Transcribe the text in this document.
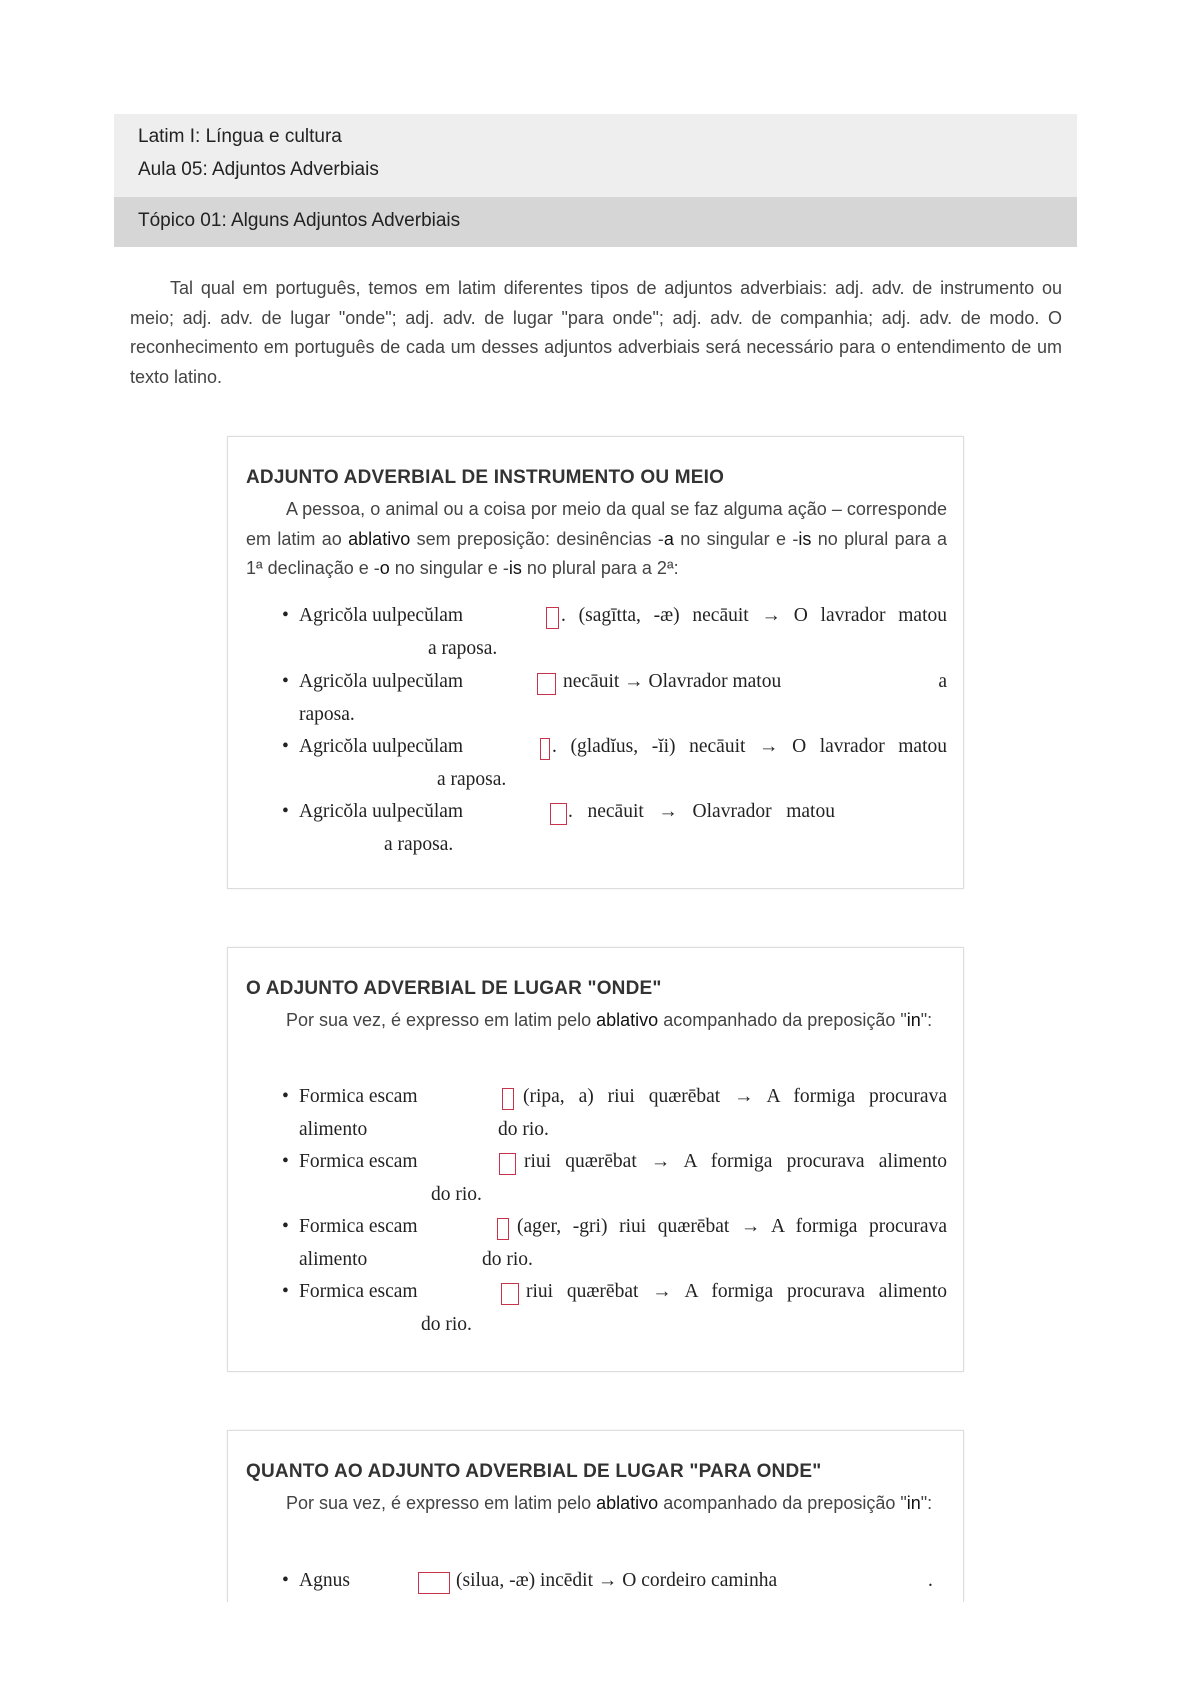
Latim I: Língua e cultura
Aula 05: Adjuntos Adverbiais
Tópico 01: Alguns Adjuntos Adverbiais

Tal qual em português, temos em latim diferentes tipos de adjuntos adverbiais: adj. adv. de instrumento ou meio; adj. adv. de lugar "onde"; adj. adv. de lugar "para onde"; adj. adv. de companhia; adj. adv. de modo. O reconhecimento em português de cada um desses adjuntos adverbiais será necessário para o entendimento de um texto latino.

ADJUNTO ADVERBIAL DE INSTRUMENTO OU MEIO
A pessoa, o animal ou a coisa por meio da qual se faz alguma ação – corresponde em latim ao ablativo sem preposição: desinências -a no singular e -is no plural para a 1ª declinação e -o no singular e -is no plural para a 2ª:
• Agricŏla uulpecŭlam	. (sagītta, -æ) necāuit → O lavrador matou
a raposa.
• Agricŏla uulpecŭlam	necāuit → Olavrador matou	a
raposa.
• Agricŏla uulpecŭlam	. (gladĭus, -ĭi) necāuit → O lavrador matou
a raposa.
• Agricŏla uulpecŭlam	.   necāuit   →   Olavrador   matou
a raposa.
O ADJUNTO ADVERBIAL DE LUGAR "ONDE"
Por sua vez, é expresso em latim pelo ablativo acompanhado da preposição "in":
• Formica escam	(ripa, a) riui quærēbat → A formiga procurava
alimento	do rio.
• Formica escam	riui quærēbat → A formiga procurava alimento
do rio.
• Formica escam	(ager, -gri) riui quærēbat → A formiga procurava
alimento	do rio.
• Formica escam	riui quærēbat → A formiga procurava alimento
do rio.
QUANTO AO ADJUNTO ADVERBIAL DE LUGAR "PARA ONDE"
Por sua vez, é expresso em latim pelo ablativo acompanhado da preposição "in":
• Agnus	(silua, -æ) incēdit → O cordeiro caminha	.
